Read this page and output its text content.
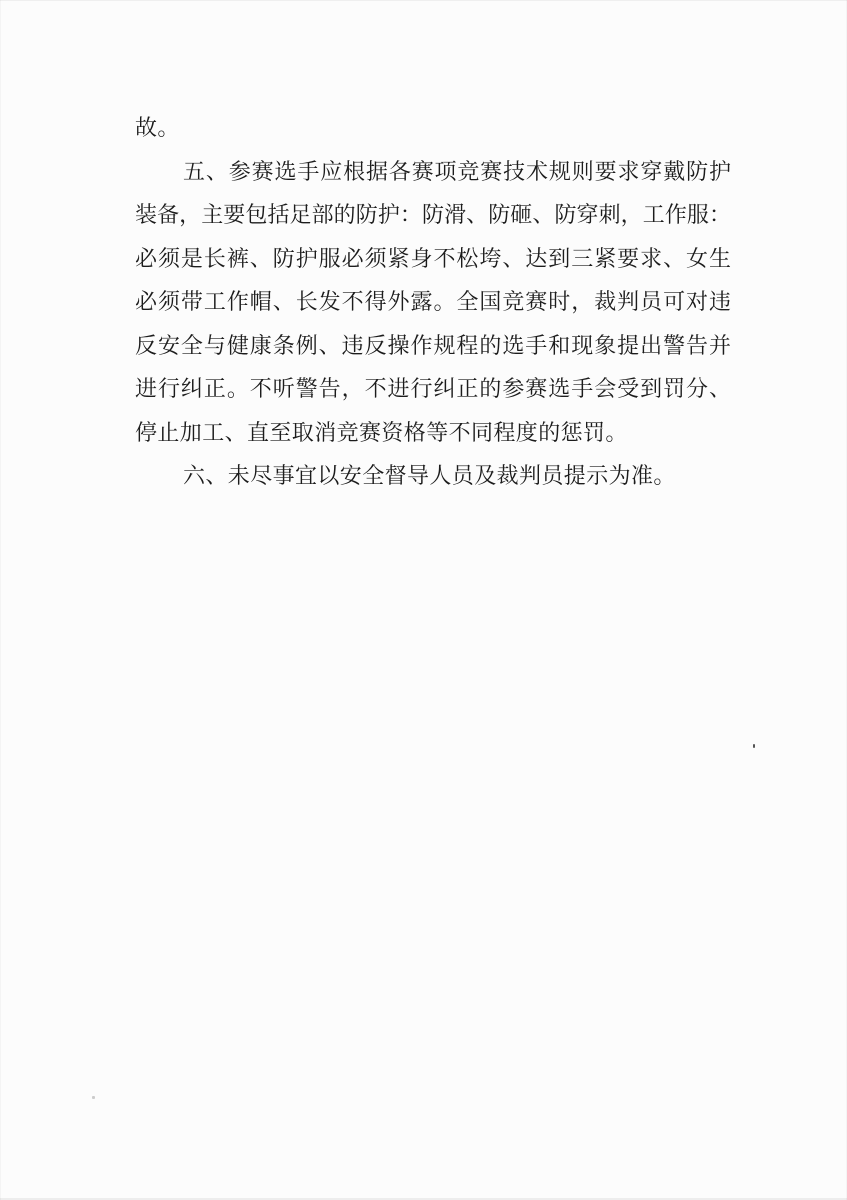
故。
五、参赛选手应根据各赛项竞赛技术规则要求穿戴防护
装备，主要包括足部的防护：防滑、防砸、防穿刺，工作服：
必须是长裤、防护服必须紧身不松垮、达到三紧要求、女生
必须带工作帽、长发不得外露。全国竞赛时，裁判员可对违
反安全与健康条例、违反操作规程的选手和现象提出警告并
进行纠正。不听警告，不进行纠正的参赛选手会受到罚分、
停止加工、直至取消竞赛资格等不同程度的惩罚。
六、未尽事宜以安全督导人员及裁判员提示为准。
